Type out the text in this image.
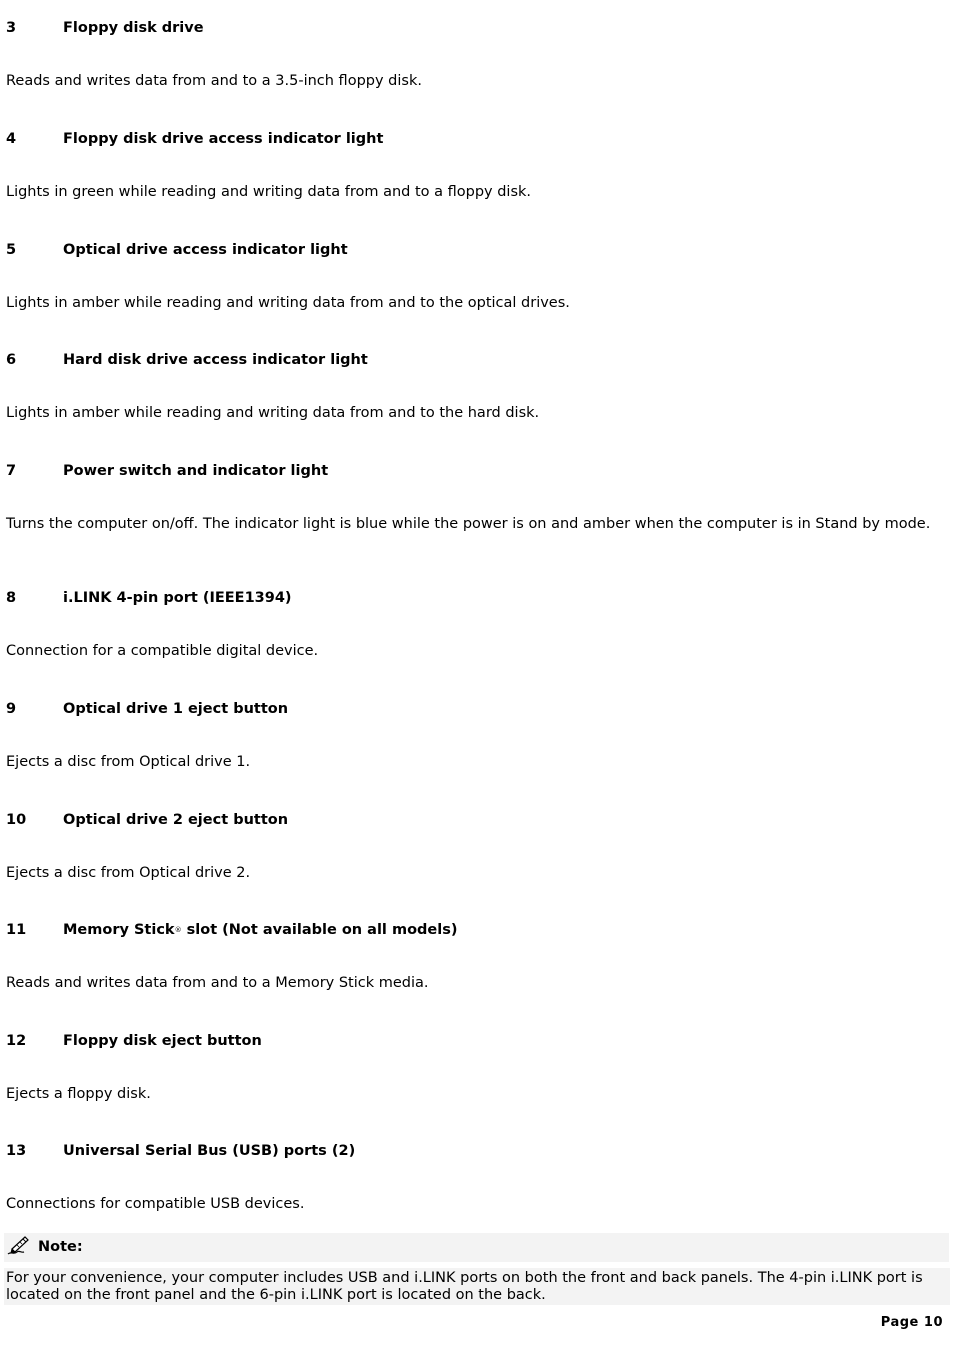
3	Floppy disk drive
Reads and writes data from and to a 3.5-inch floppy disk.
4	Floppy disk drive access indicator light
Lights in green while reading and writing data from and to a floppy disk.
5	Optical drive access indicator light
Lights in amber while reading and writing data from and to the optical drives.
6	Hard disk drive access indicator light
Lights in amber while reading and writing data from and to the hard disk.
7	Power switch and indicator light
Turns the computer on/off. The indicator light is blue while the power is on and amber when the computer is in Stand by mode.
8	i.LINK 4-pin port (IEEE1394)
Connection for a compatible digital device.
9	Optical drive 1 eject button
Ejects a disc from Optical drive 1.
10	Optical drive 2 eject button
Ejects a disc from Optical drive 2.
11	Memory Stick® slot (Not available on all models)
Reads and writes data from and to a Memory Stick media.
12	Floppy disk eject button
Ejects a floppy disk.
13	Universal Serial Bus (USB) ports (2)
Connections for compatible USB devices.
Note:
For your convenience, your computer includes USB and i.LINK ports on both the front and back panels. The 4-pin i.LINK port is located on the front panel and the 6-pin i.LINK port is located on the back.
Page 10
